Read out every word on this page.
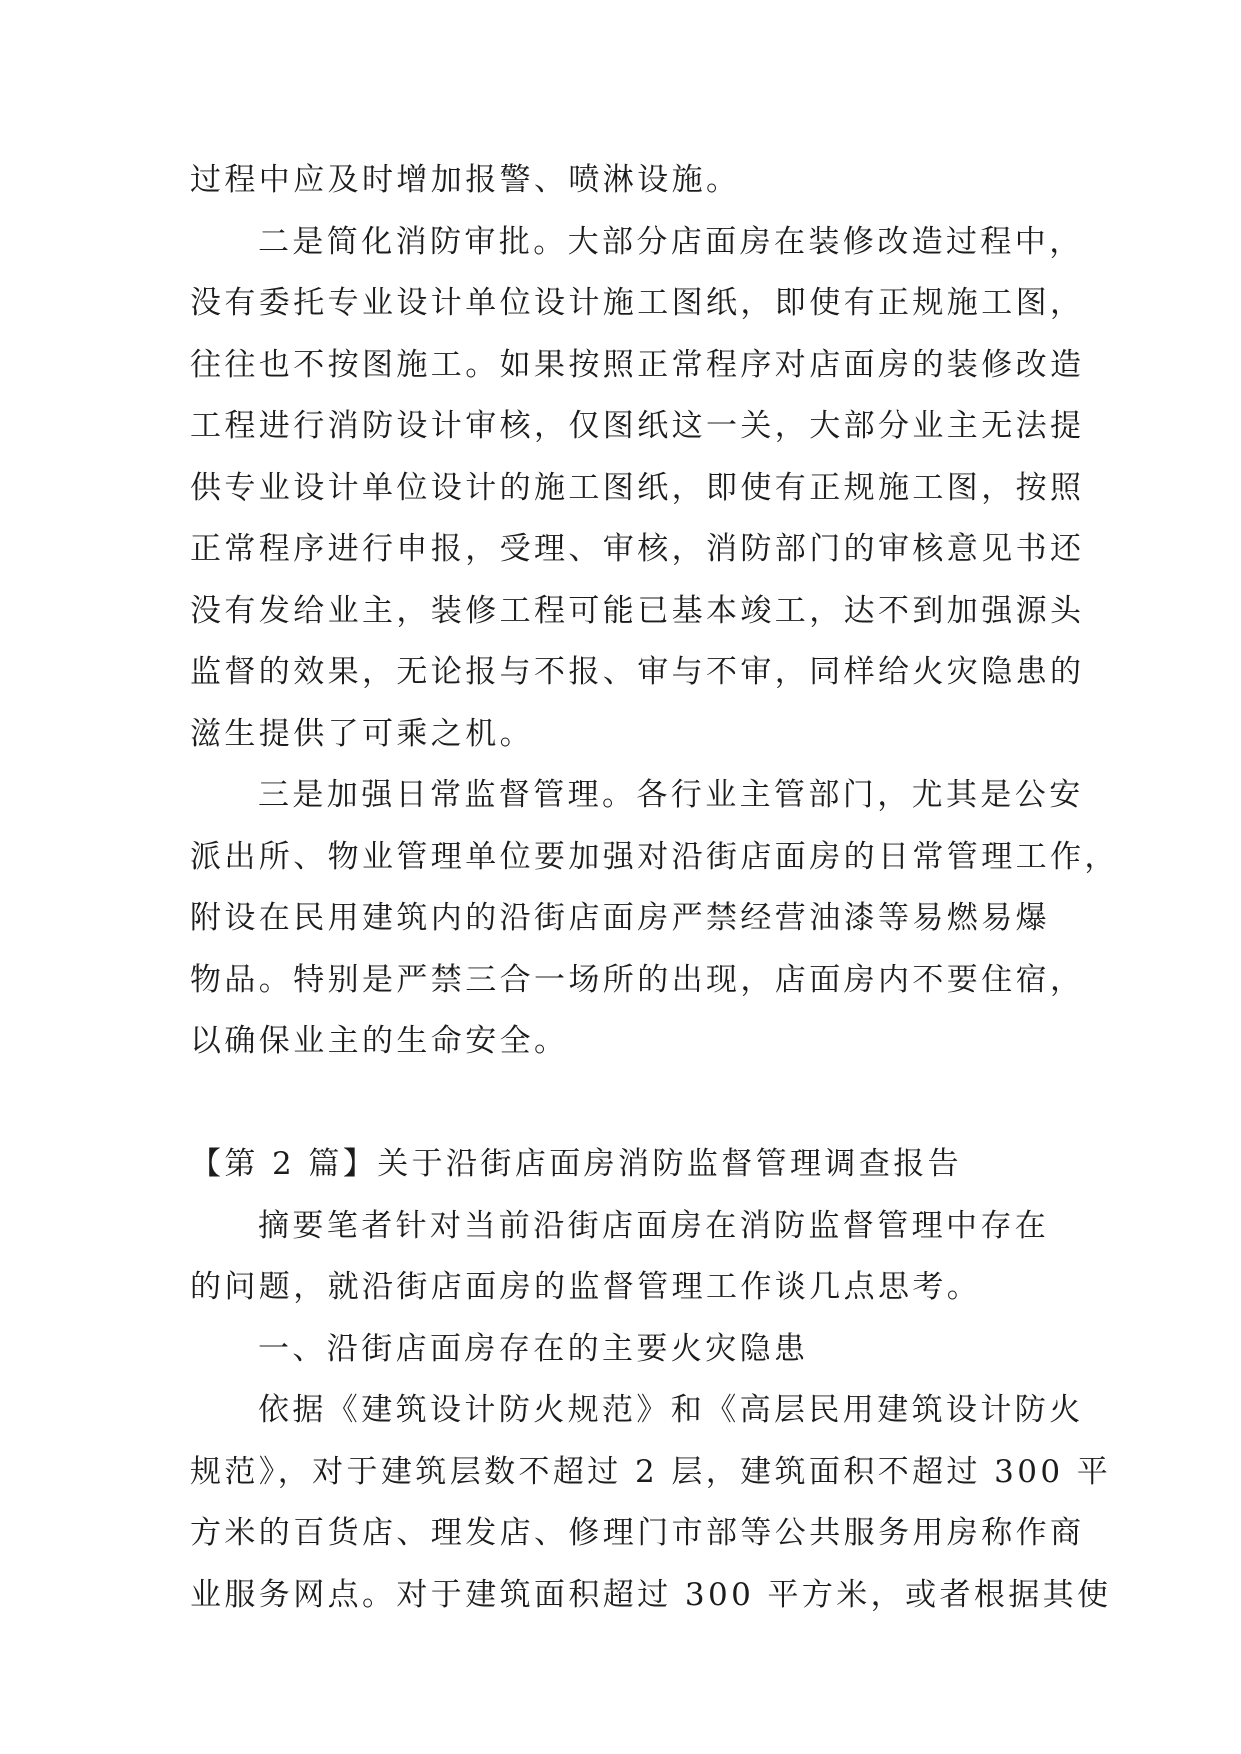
过程中应及时增加报警、喷淋设施。
二是简化消防审批。大部分店面房在装修改造过程中，
没有委托专业设计单位设计施工图纸，即使有正规施工图，
往往也不按图施工。如果按照正常程序对店面房的装修改造
工程进行消防设计审核，仅图纸这一关，大部分业主无法提
供专业设计单位设计的施工图纸，即使有正规施工图，按照
正常程序进行申报，受理、审核，消防部门的审核意见书还
没有发给业主，装修工程可能已基本竣工，达不到加强源头
监督的效果，无论报与不报、审与不审，同样给火灾隐患的
滋生提供了可乘之机。
三是加强日常监督管理。各行业主管部门，尤其是公安
派出所、物业管理单位要加强对沿街店面房的日常管理工作，
附设在民用建筑内的沿街店面房严禁经营油漆等易燃易爆
物品。特别是严禁三合一场所的出现，店面房内不要住宿，
以确保业主的生命安全。
【第 2 篇】关于沿街店面房消防监督管理调查报告
摘要笔者针对当前沿街店面房在消防监督管理中存在
的问题，就沿街店面房的监督管理工作谈几点思考。
一、沿街店面房存在的主要火灾隐患
依据《建筑设计防火规范》和《高层民用建筑设计防火
规范》，对于建筑层数不超过 2 层，建筑面积不超过 300 平
方米的百货店、理发店、修理门市部等公共服务用房称作商
业服务网点。对于建筑面积超过 300 平方米，或者根据其使
